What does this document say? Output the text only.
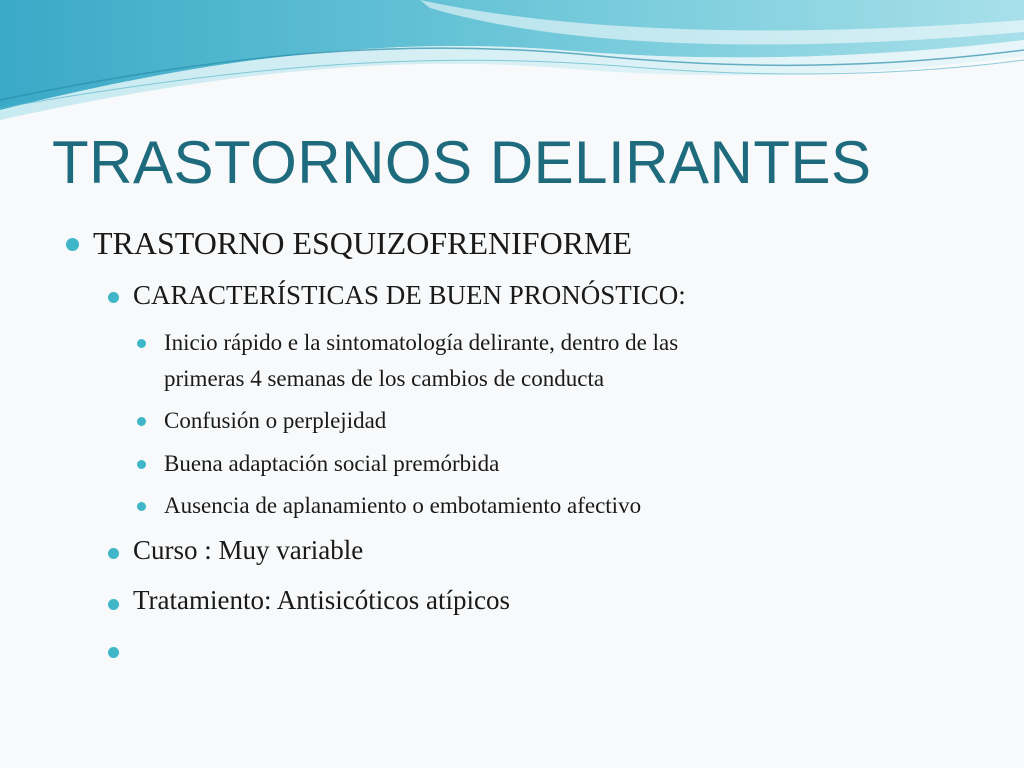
TRASTORNOS DELIRANTES
TRASTORNO ESQUIZOFRENIFORME
CARACTERÍSTICAS DE BUEN PRONÓSTICO:
Inicio rápido e la sintomatología delirante, dentro de las
primeras 4 semanas de los cambios de conducta
Confusión o perplejidad
Buena adaptación social premórbida
Ausencia de aplanamiento o embotamiento afectivo
Curso : Muy variable
Tratamiento: Antisicóticos atípicos
